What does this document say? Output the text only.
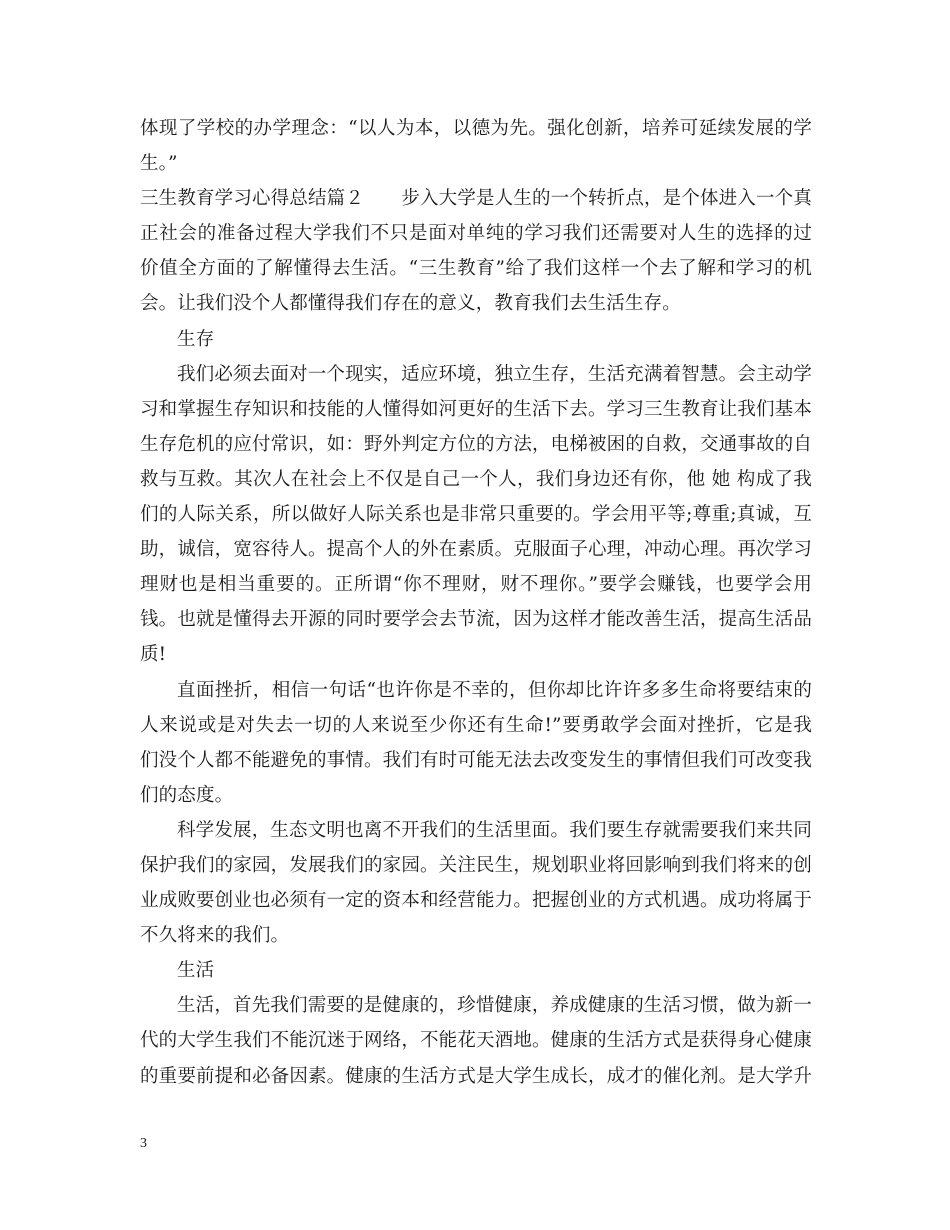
体现了学校的办学理念：“以人为本，以德为先。强化创新，培养可延续发展的学
生。”
三生教育学习心得总结篇２　　步入大学是人生的一个转折点，是个体进入一个真
正社会的准备过程大学我们不只是面对单纯的学习我们还需要对人生的选择的过
价值全方面的了解懂得去生活。“三生教育”给了我们这样一个去了解和学习的机
会。让我们没个人都懂得我们存在的意义，教育我们去生活生存。
生存
我们必须去面对一个现实，适应环境，独立生存，生活充满着智慧。会主动学
习和掌握生存知识和技能的人懂得如河更好的生活下去。学习三生教育让我们基本
生存危机的应付常识，如：野外判定方位的方法，电梯被困的自救，交通事故的自
救与互救。其次人在社会上不仅是自己一个人，我们身边还有你，他 她 构成了我
们的人际关系，所以做好人际关系也是非常只重要的。学会用平等;尊重;真诚，互
助，诚信，宽容待人。提高个人的外在素质。克服面子心理，冲动心理。再次学习
理财也是相当重要的。正所谓“你不理财，财不理你。”要学会赚钱，也要学会用
钱。也就是懂得去开源的同时要学会去节流，因为这样才能改善生活，提高生活品
质!
直面挫折，相信一句话“也许你是不幸的，但你却比许许多多生命将要结束的
人来说或是对失去一切的人来说至少你还有生命!”要勇敢学会面对挫折，它是我
们没个人都不能避免的事情。我们有时可能无法去改变发生的事情但我们可改变我
们的态度。
科学发展，生态文明也离不开我们的生活里面。我们要生存就需要我们来共同
保护我们的家园，发展我们的家园。关注民生，规划职业将回影响到我们将来的创
业成败要创业也必须有一定的资本和经营能力。把握创业的方式机遇。成功将属于
不久将来的我们。
生活
生活，首先我们需要的是健康的，珍惜健康，养成健康的生活习惯，做为新一
代的大学生我们不能沉迷于网络，不能花天酒地。健康的生活方式是获得身心健康
的重要前提和必备因素。健康的生活方式是大学生成长，成才的催化剂。是大学升
3
